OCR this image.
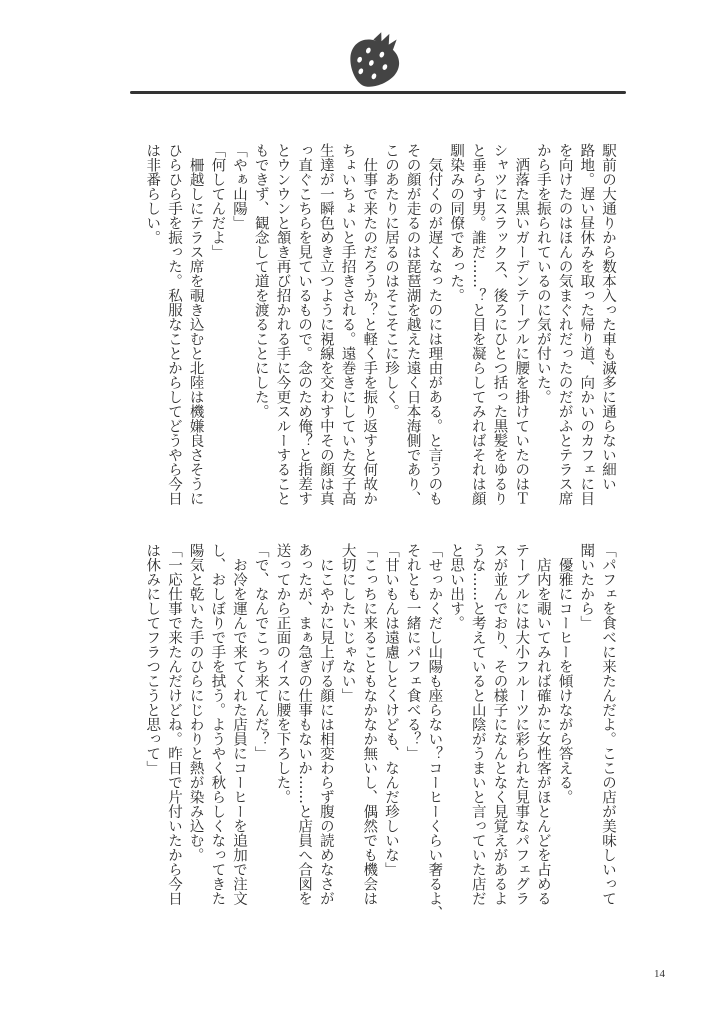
駅前の大通りから数本入った車も滅多に通らない細い
路地。遅い昼休みを取った帰り道、向かいのカフェに目
を向けたのはほんの気まぐれだったのだがふとテラス席
から手を振られているのに気が付いた。
　洒落た黒いガーデンテーブルに腰を掛けていたのはＴ
シャツにスラックス、後ろにひとつ括った黒髪をゆるり
と垂らす男。誰だ……？と目を凝らしてみればそれは顔
馴染みの同僚であった。
　気付くのが遅くなったのには理由がある。と言うのも
その顔が走るのは琵琶湖を越えた遠く日本海側であり、
このあたりに居るのはそこそこに珍しく。
　仕事で来たのだろうか？と軽く手を振り返すと何故か
ちょいちょいと手招きされる。遠巻きにしていた女子高
生達が一瞬色めき立つように視線を交わす中その顔は真
っ直ぐこちらを見ているもので。念のため俺？と指差す
とウンウンと頷き再び招かれる手に今更スルーすること
もできず、観念して道を渡ることにした。
「やぁ山陽」
「何してんだよ」
　柵越しにテラス席を覗き込むと北陸は機嫌良さそうに
ひらひら手を振った。私服なことからしてどうやら今日
は非番らしい。
「パフェを食べに来たんだよ。ここの店が美味しいって
聞いたから」
　優雅にコーヒーを傾けながら答える。
　店内を覗いてみれば確かに女性客がほとんどを占める
テーブルには大小フルーツに彩られた見事なパフェグラ
スが並んでおり、その様子になんとなく見覚えがあるよ
うな……と考えていると山陰がうまいと言っていた店だ
と思い出す。
「せっかくだし山陽も座らない？コーヒーくらい奢るよ、
それとも一緒にパフェ食べる？」
「甘いもんは遠慮しとくけども、なんだ珍しいな」
「こっちに来ることもなかなか無いし、偶然でも機会は
大切にしたいじゃない」
　にこやかに見上げる顔には相変わらず腹の読めなさが
あったが、まぁ急ぎの仕事もないか……と店員へ合図を
送ってから正面のイスに腰を下ろした。
「で、なんでこっち来てんだ？」
　お冷を運んで来てくれた店員にコーヒーを追加で注文
し、おしぼりで手を拭う。ようやく秋らしくなってきた
陽気と乾いた手のひらにじわりと熱が染み込む。
「一応仕事で来たんだけどね。昨日で片付いたから今日
は休みにしてフラつこうと思って」
14
